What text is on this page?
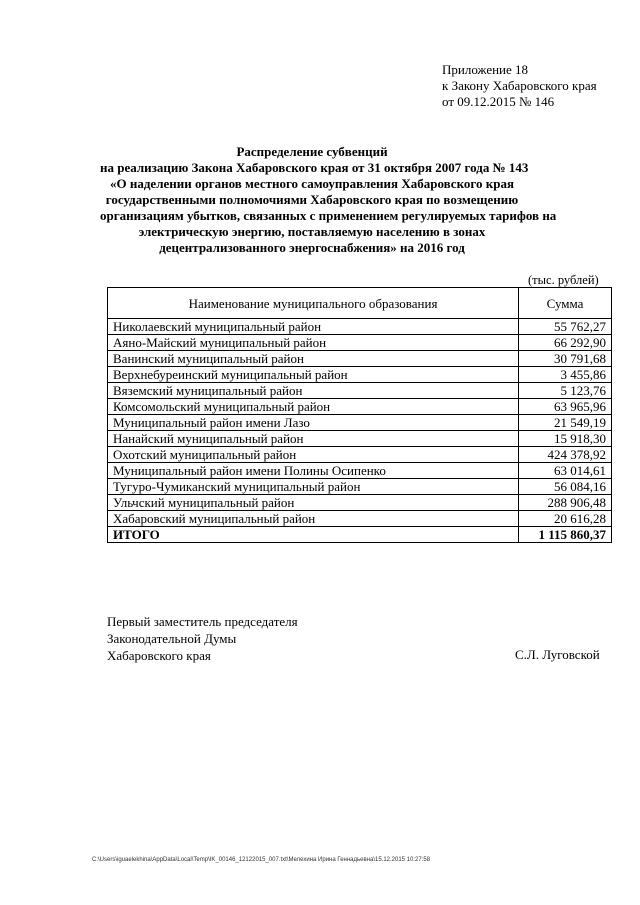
Приложение 18
к Закону Хабаровского края
от 09.12.2015 № 146
Распределение субвенций
на реализацию Закона Хабаровского края от 31 октября 2007 года № 143
«О наделении органов местного самоуправления Хабаровского края
государственными полномочиями Хабаровского края по возмещению
организациям убытков, связанных с применением регулируемых тарифов на
электрическую энергию, поставляемую населению в зонах
децентрализованного энергоснабжения» на 2016 год
(тыс. рублей)
Наименование муниципального образования	Сумма
Николаевский муниципальный район	55 762,27
Аяно-Майский муниципальный район	66 292,90
Ванинский муниципальный район	30 791,68
Верхнебуреинский муниципальный район	3 455,86
Вяземский муниципальный район	5 123,76
Комсомольский муниципальный район	63 965,96
Муниципальный район имени Лазо	21 549,19
Нанайский муниципальный район	15 918,30
Охотский муниципальный район	424 378,92
Муниципальный район имени Полины Осипенко	63 014,61
Тугуро-Чумиканский муниципальный район	56 084,16
Ульчский муниципальный район	288 906,48
Хабаровский муниципальный район	20 616,28
ИТОГО	1 115 860,37
Первый заместитель председателя
Законодательной Думы
Хабаровского края	С.Л. Луговской
C:\Users\iguaelekhina\AppData\Local\Temp\IK_00146_12122015_007.txt\Мелехина Ирина Геннадьевна\15.12.2015 10:27:58
